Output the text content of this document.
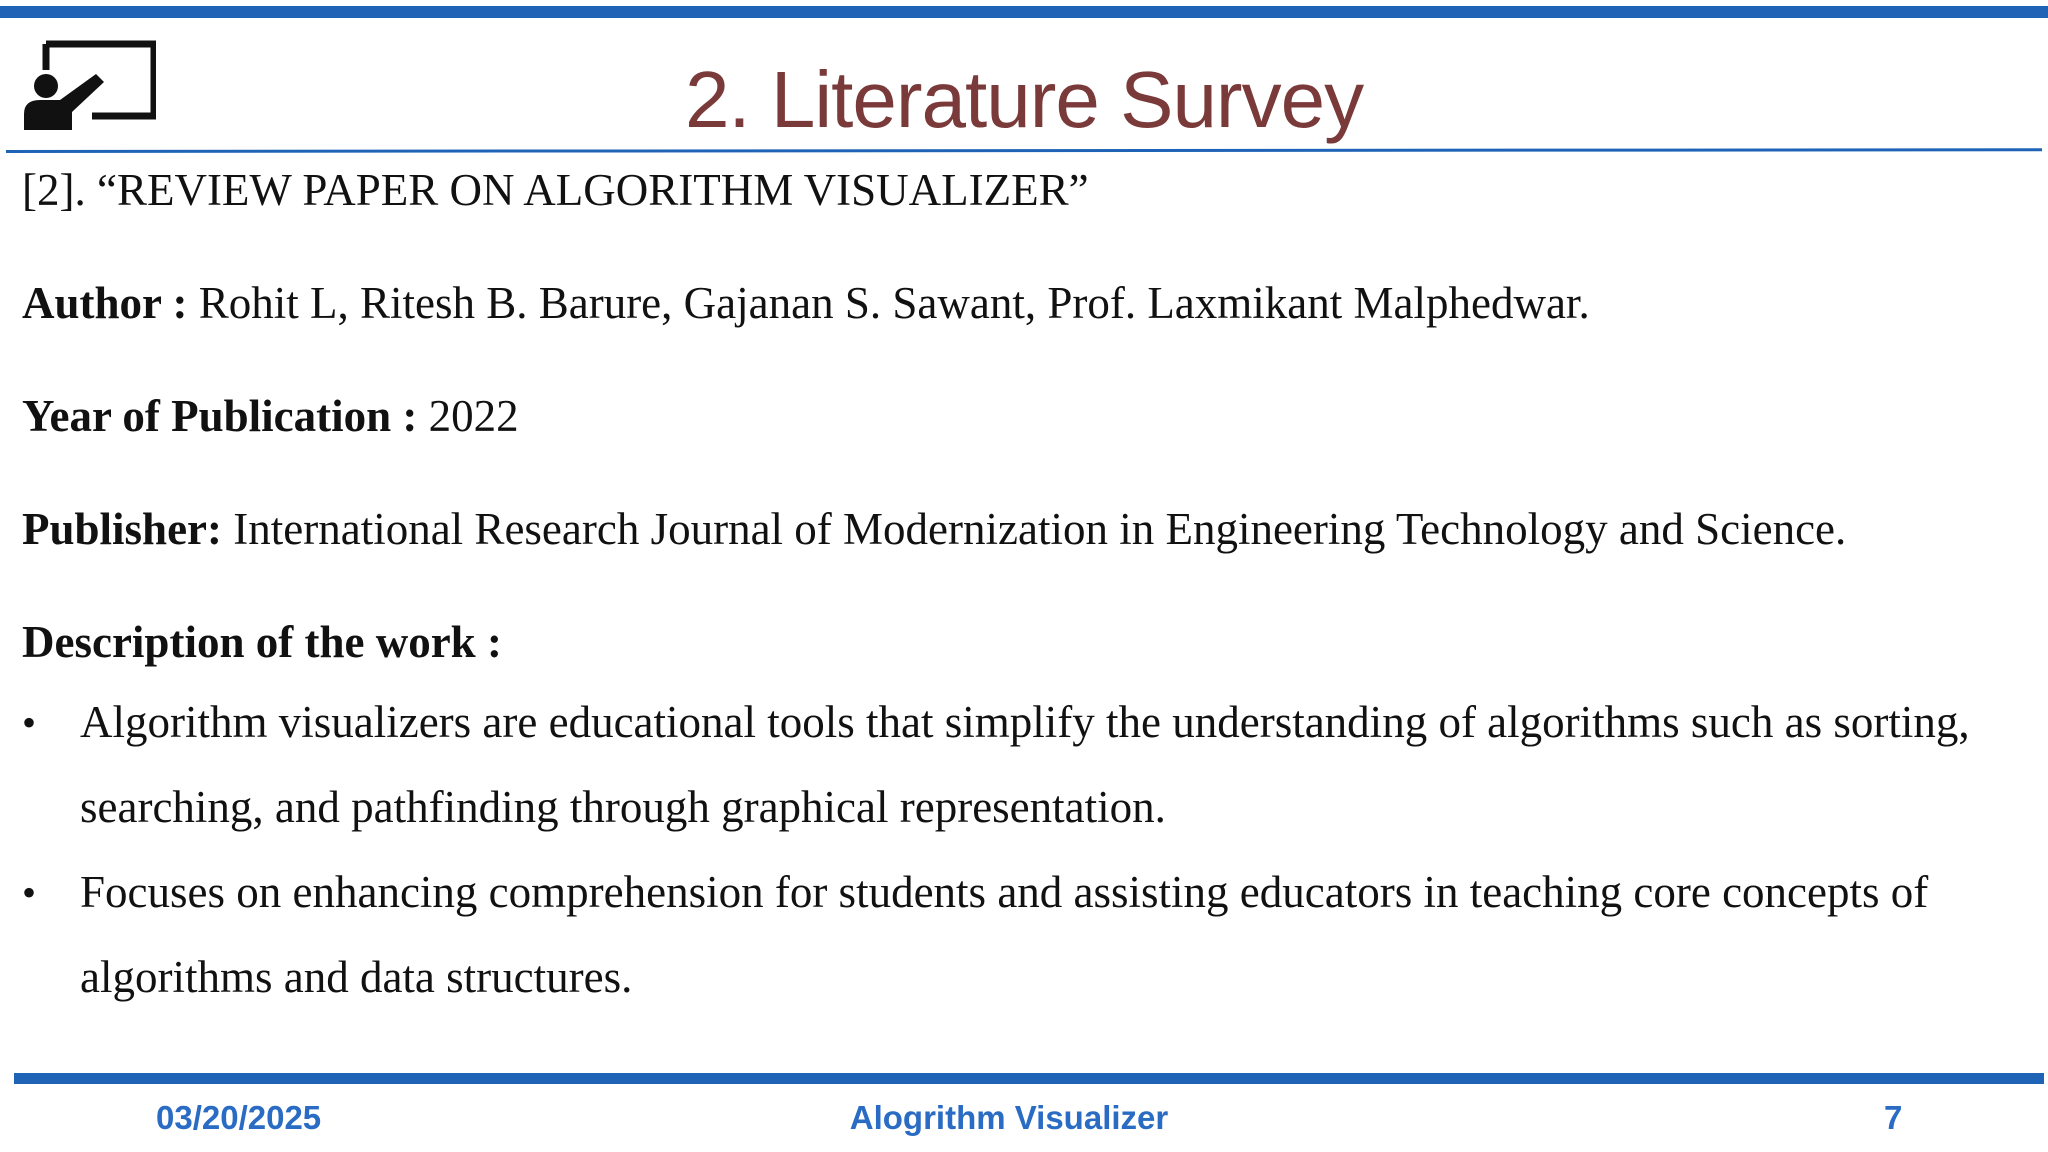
2. Literature Survey
[2]. “REVIEW PAPER ON ALGORITHM VISUALIZER”
Author : Rohit L, Ritesh B. Barure, Gajanan S. Sawant, Prof. Laxmikant Malphedwar.
Year of Publication : 2022
Publisher: International Research Journal of Modernization in Engineering Technology and Science.
Description of the work :
• Algorithm visualizers are educational tools that simplify the understanding of algorithms such as sorting, searching, and pathfinding through graphical representation.
• Focuses on enhancing comprehension for students and assisting educators in teaching core concepts of algorithms and data structures.
03/20/2025	Alogrithm Visualizer	7
